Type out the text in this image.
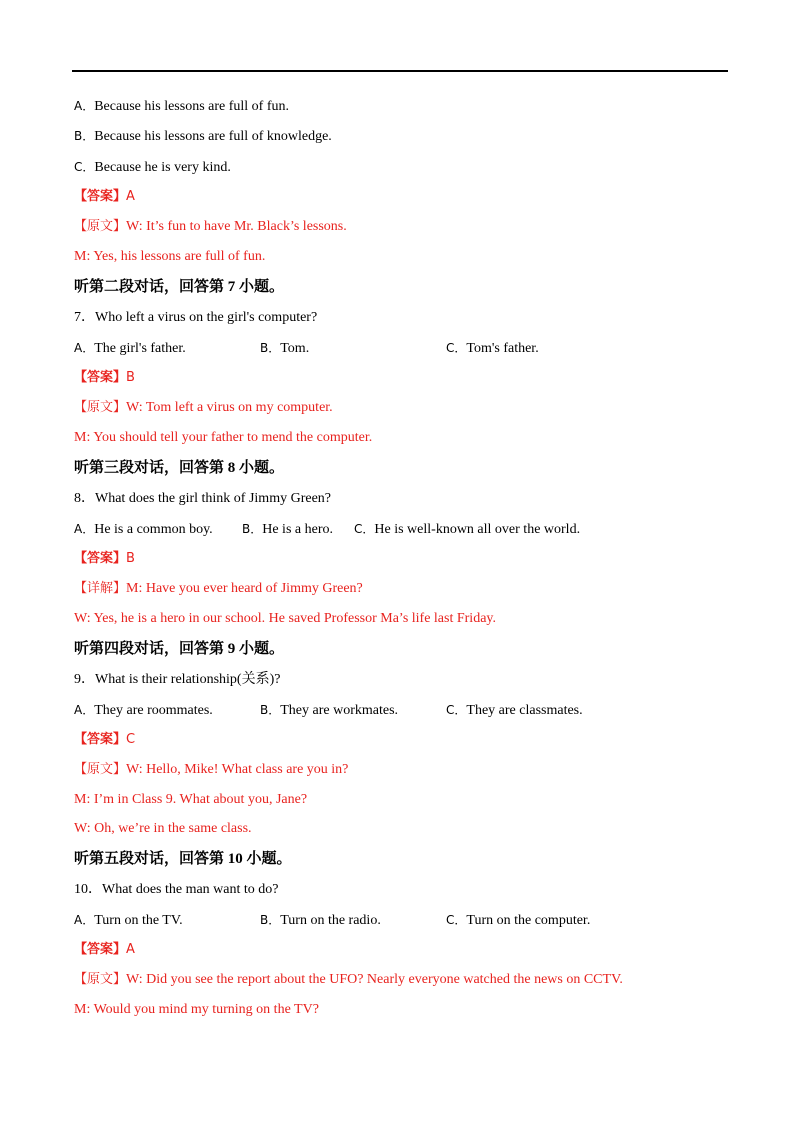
A．Because his lessons are full of fun.
B．Because his lessons are full of knowledge.
C．Because he is very kind.
【答案】A
【原文】W: It’s fun to have Mr. Black’s lessons.
M: Yes, his lessons are full of fun.
听第二段对话，回答第 7 小题。
7．Who left a virus on the girl's computer?
A．The girl's father.	B．Tom.	C．Tom's father.
【答案】B
【原文】W: Tom left a virus on my computer.
M: You should tell your father to mend the computer.
听第三段对话，回答第 8 小题。
8．What does the girl think of Jimmy Green?
A．He is a common boy. B．He is a hero. C．He is well-known all over the world.
【答案】B
【详解】M: Have you ever heard of Jimmy Green?
W: Yes, he is a hero in our school. He saved Professor Ma’s life last Friday.
听第四段对话，回答第 9 小题。
9．What is their relationship(关系)?
A．They are roommates.	B．They are workmates.	C．They are classmates.
【答案】C
【原文】W: Hello, Mike! What class are you in?
M: I’m in Class 9. What about you, Jane?
W: Oh, we’re in the same class.
听第五段对话，回答第 10 小题。
10．What does the man want to do?
A．Turn on the TV.	B．Turn on the radio.	C．Turn on the computer.
【答案】A
【原文】W: Did you see the report about the UFO? Nearly everyone watched the news on CCTV.
M: Would you mind my turning on the TV?
